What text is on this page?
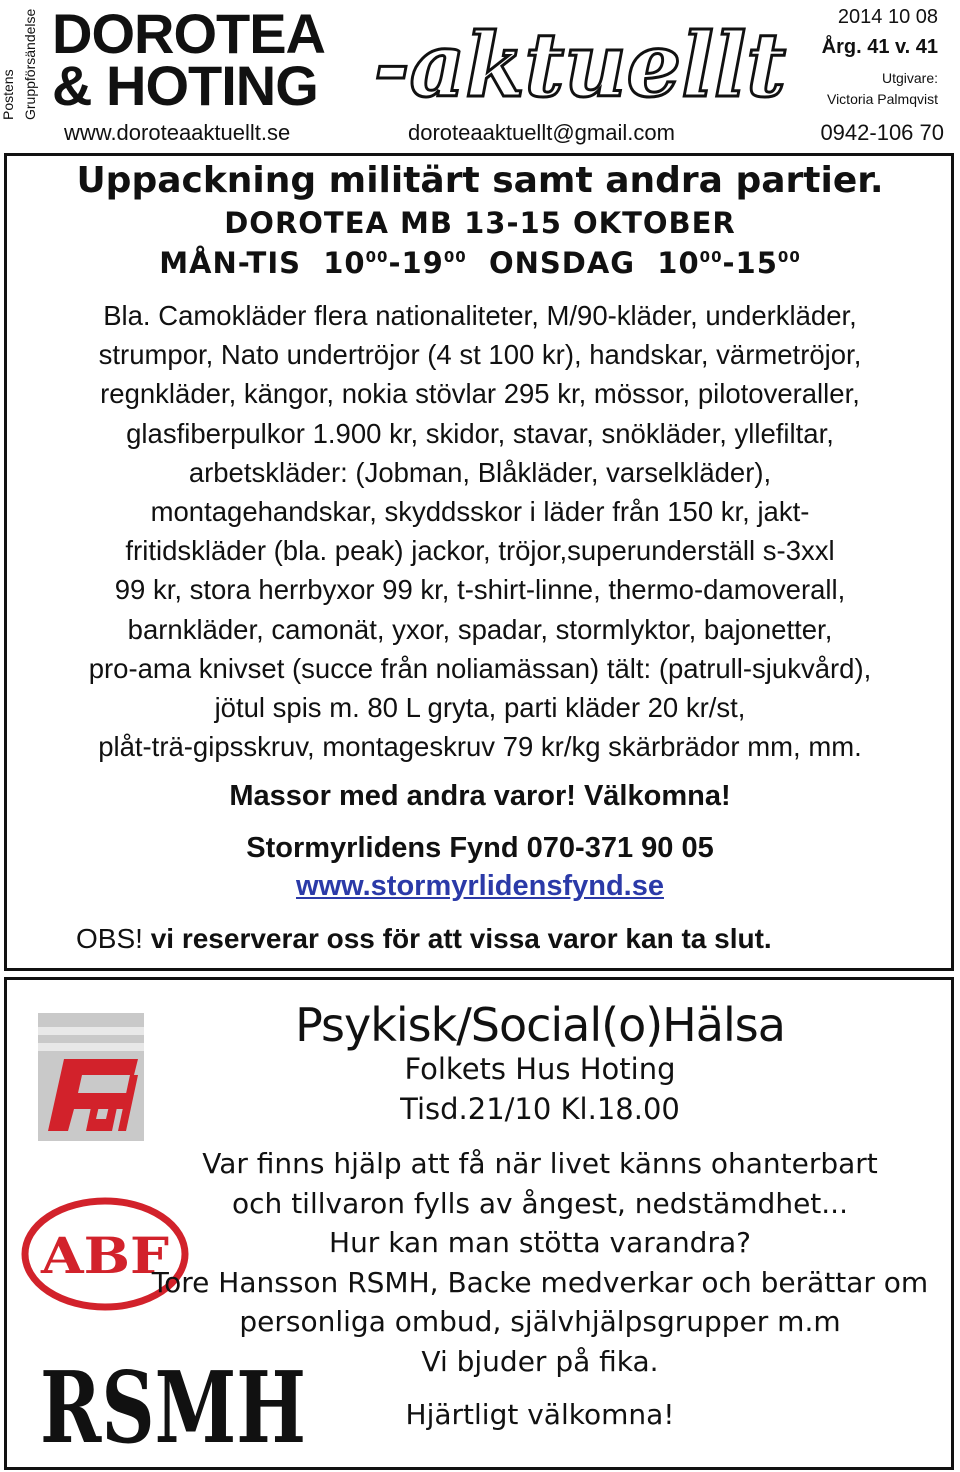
Postens Gruppförsändelse DOROTEA
& HOTING -aktuellt	2014 10 08
Årg. 41 v. 41
Utgivare:
Victoria Palmqvist
www.doroteaaktuellt.se	doroteaaktuellt@gmail.com	0942-106 70
Uppackning militärt samt andra partier.
DOROTEA MB 13-15 OKTOBER
MÅN-TIS $10^{00}-19^{00}$ ONSDAG $10^{00}-15^{00}$
Bla. Camokläder flera nationaliteter, M/90-kläder, underkläder,
strumpor, Nato undertröjor (4 st 100 kr), handskar, värmetröjor,
regnkläder, kängor, nokia stövlar 295 kr, mössor, pilotoveraller,
glasfiberpulkor 1.900 kr, skidor, stavar, snökläder, yllefiltar,
arbetskläder: (Jobman, Blåkläder, varselkläder),
montagehandskar, skyddsskor i läder från 150 kr, jakt-
fritidskläder (bla. peak) jackor, tröjor,superunderställ s-3xxl
99 kr, stora herrbyxor 99 kr, t-shirt-linne, thermo-damoverall,
barnkläder, camonät, yxor, spadar, stormlyktor, bajonetter,
pro-ama knivset (succe från noliamässan) tält: (patrull-sjukvård),
jötul spis m. 80 L gryta, parti kläder 20 kr/st,
plåt-trä-gipsskruv, montageskruv 79 kr/kg skärbrädor mm, mm.
Massor med andra varor! Välkomna!
Stormyrlidens Fynd 070-371 90 05
www.stormyrlidensfynd.se
OBS! vi reserverar oss för att vissa varor kan ta slut.
ABF
RSMH
Psykisk/Social(o)Hälsa
Folkets Hus Hoting
Tisd.21/10 Kl.18.00
Var finns hjälp att få när livet känns ohanterbart
och tillvaron fylls av ångest, nedstämdhet...
Hur kan man stötta varandra?
Tore Hansson RSMH, Backe medverkar och berättar om
personliga ombud, självhjälpsgrupper m.m
Vi bjuder på fika.
Hjärtligt välkomna!
